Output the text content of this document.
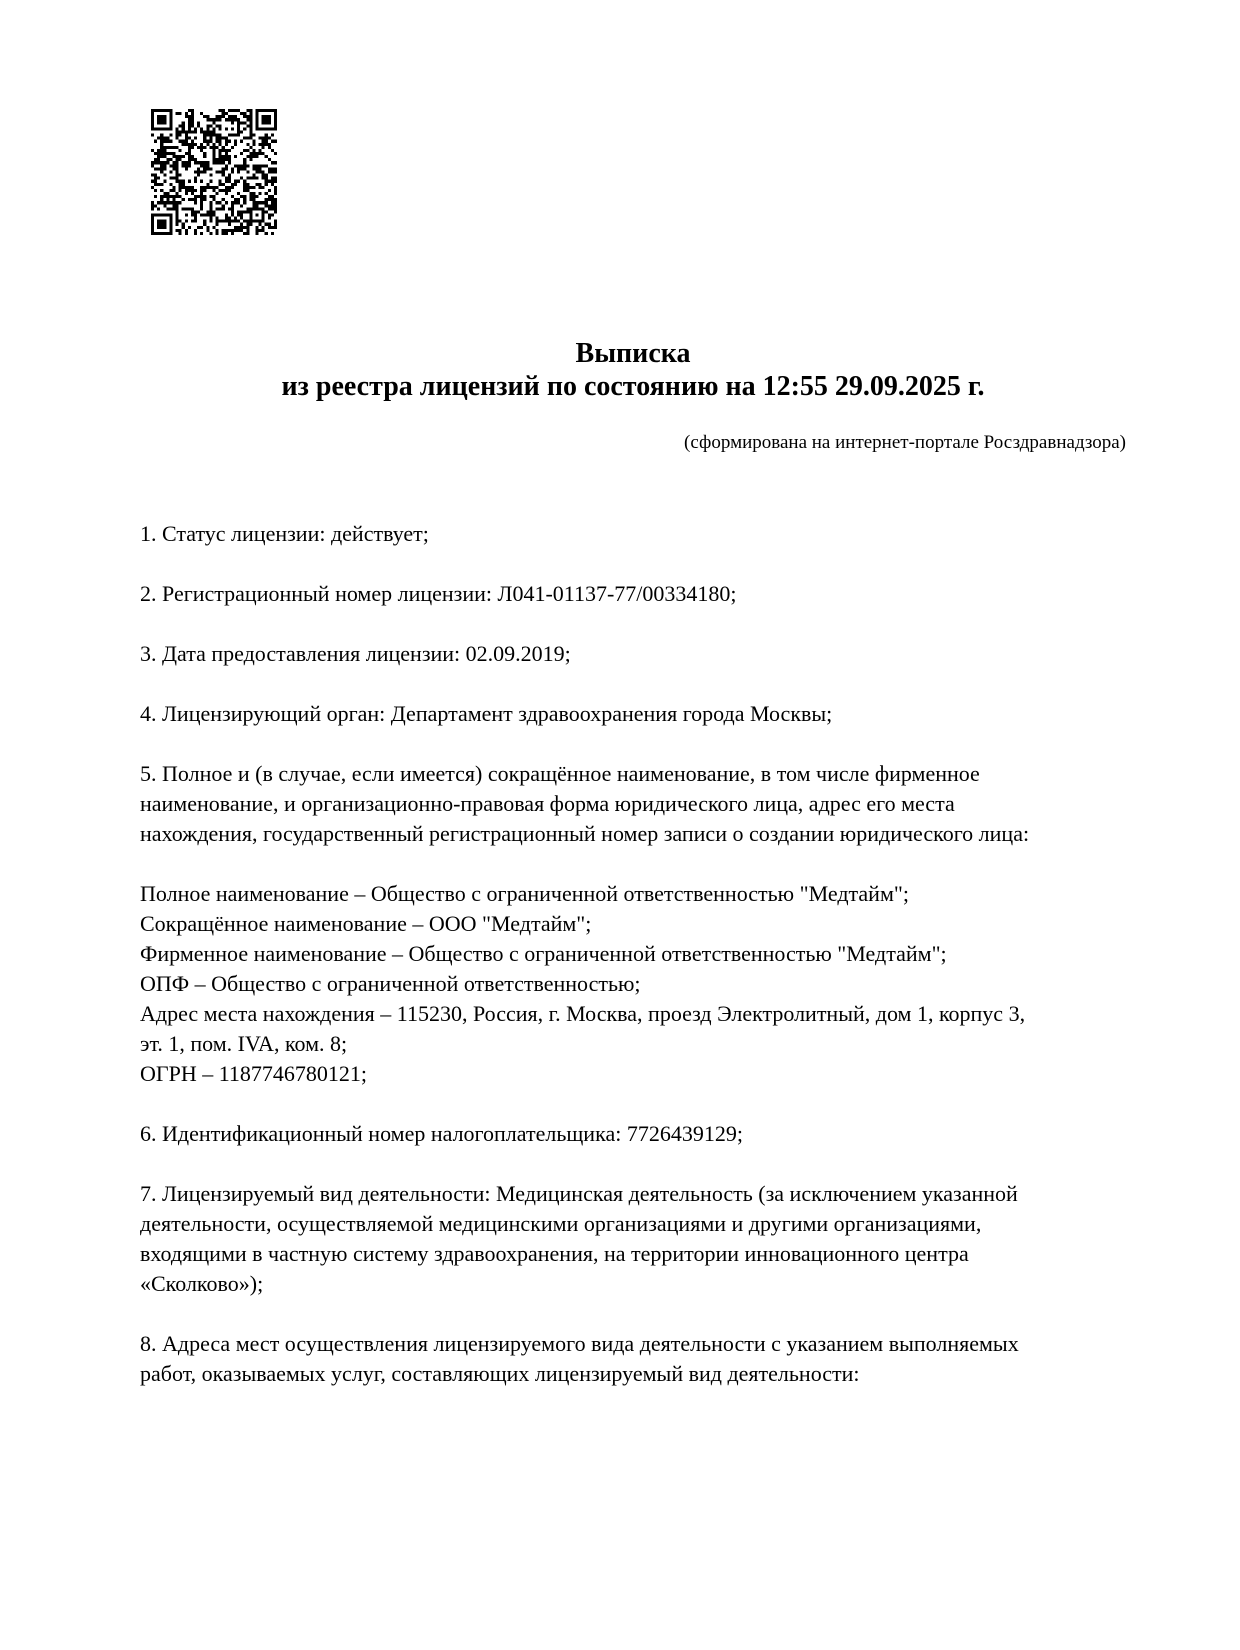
Выписка
из реестра лицензий по состоянию на 12:55 29.09.2025 г.
(сформирована на интернет-портале Росздравнадзора)

1. Статус лицензии: действует;

2. Регистрационный номер лицензии: Л041-01137-77/00334180;

3. Дата предоставления лицензии: 02.09.2019;

4. Лицензирующий орган: Департамент здравоохранения города Москвы;

5. Полное и (в случае, если имеется) сокращённое наименование, в том числе фирменное
наименование, и организационно-правовая форма юридического лица, адрес его места
нахождения, государственный регистрационный номер записи о создании юридического лица:
Полное наименование – Общество с ограниченной ответственностью "Медтайм";
Сокращённое наименование – ООО "Медтайм";
Фирменное наименование – Общество с ограниченной ответственностью "Медтайм";
ОПФ – Общество с ограниченной ответственностью;
Адрес места нахождения – 115230, Россия, г. Москва, проезд Электролитный, дом 1, корпус 3,
эт. 1, пом. IVA, ком. 8;
ОГРН – 1187746780121;

6. Идентификационный номер налогоплательщика: 7726439129;

7. Лицензируемый вид деятельности: Медицинская деятельность (за исключением указанной
деятельности, осуществляемой медицинскими организациями и другими организациями,
входящими в частную систему здравоохранения, на территории инновационного центра
«Сколково»);
8. Адреса мест осуществления лицензируемого вида деятельности с указанием выполняемых
работ, оказываемых услуг, составляющих лицензируемый вид деятельности:
